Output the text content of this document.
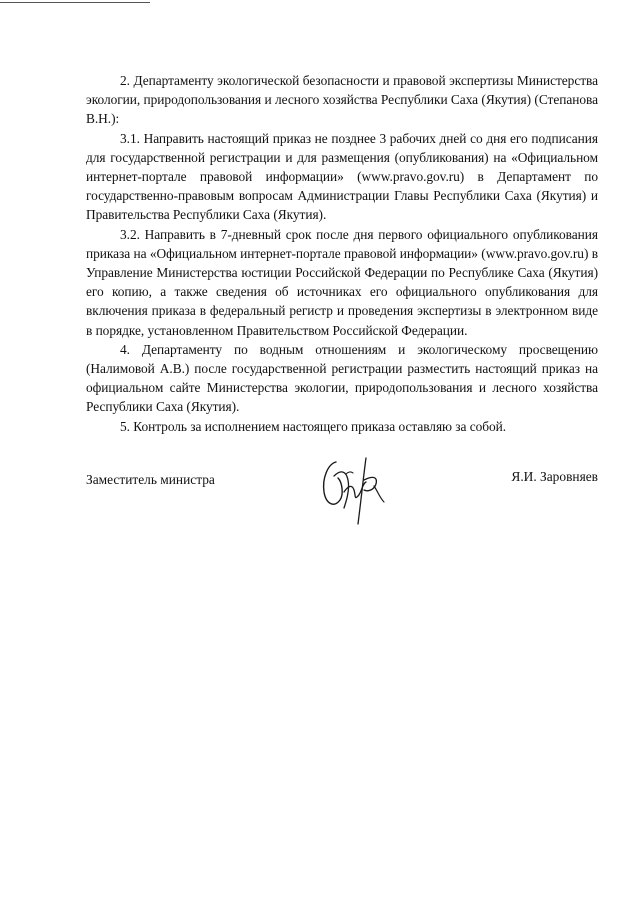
2. Департаменту экологической безопасности и правовой экспертизы Министерства экологии, природопользования и лесного хозяйства Республики Саха (Якутия) (Степанова В.Н.):

3.1. Направить настоящий приказ не позднее 3 рабочих дней со дня его подписания для государственной регистрации и для размещения (опубликования) на «Официальном интернет-портале правовой информации» (www.pravo.gov.ru) в Департамент по государственно-правовым вопросам Администрации Главы Республики Саха (Якутия) и Правительства Республики Саха (Якутия).

3.2. Направить в 7-дневный срок после дня первого официального опубликования приказа на «Официальном интернет-портале правовой информации» (www.pravo.gov.ru) в Управление Министерства юстиции Российской Федерации по Республике Саха (Якутия) его копию, а также сведения об источниках его официального опубликования для включения приказа в федеральный регистр и проведения экспертизы в электронном виде в порядке, установленном Правительством Российской Федерации.

4. Департаменту по водным отношениям и экологическому просвещению (Налимовой А.В.) после государственной регистрации разместить настоящий приказ на официальном сайте Министерства экологии, природопользования и лесного хозяйства Республики Саха (Якутия).

5. Контроль за исполнением настоящего приказа оставляю за собой.

Заместитель министра	Я.И. Заровняев
